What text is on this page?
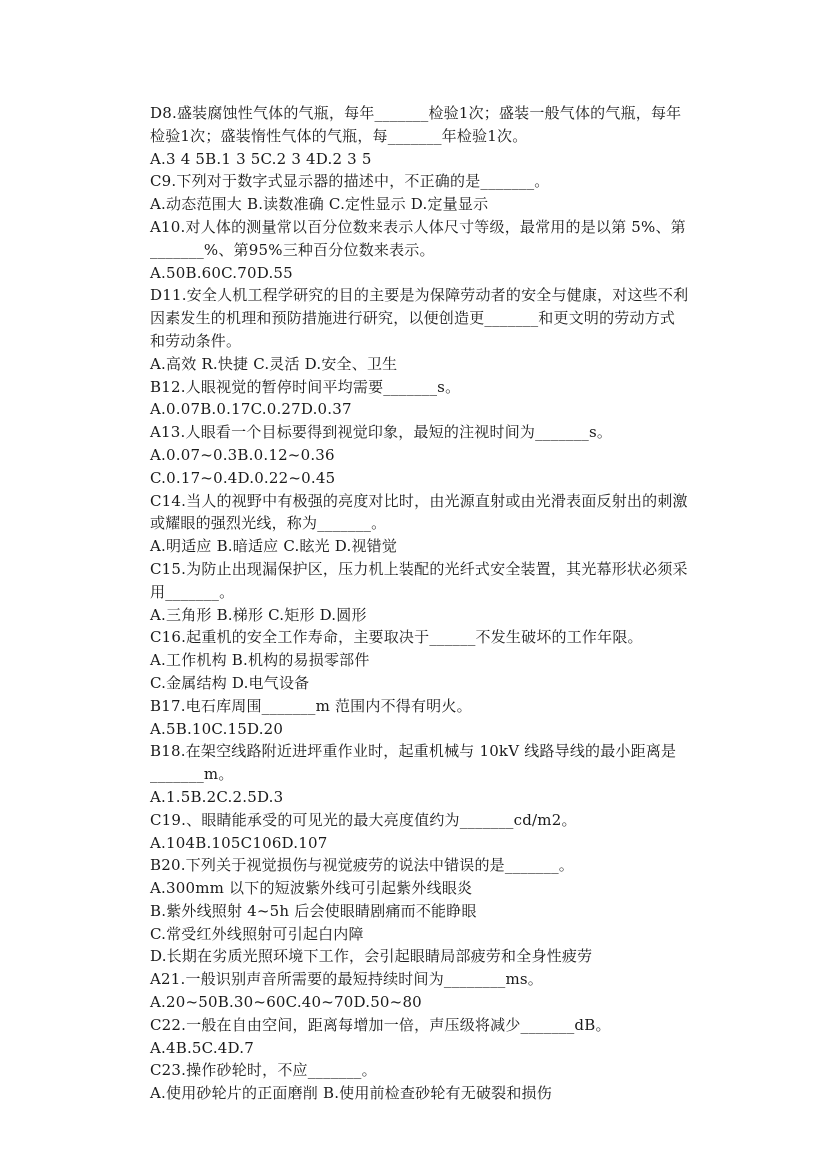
D8.盛装腐蚀性气体的气瓶，每年_______检验1次；盛装一般气体的气瓶，每年
检验1次；盛装惰性气体的气瓶，每_______年检验1次。
A.3 4 5B.1 3 5C.2 3 4D.2 3 5
C9.下列对于数字式显示器的描述中，不正确的是_______。
A.动态范围大 B.读数准确 C.定性显示 D.定量显示
A10.对人体的测量常以百分位数来表示人体尺寸等级，最常用的是以第 5%、第
_______%、第95%三种百分位数来表示。
A.50B.60C.70D.55
D11.安全人机工程学研究的目的主要是为保障劳动者的安全与健康，对这些不利
因素发生的机理和预防措施进行研究，以便创造更_______和更文明的劳动方式
和劳动条件。
A.高效 R.快捷 C.灵活 D.安全、卫生
B12.人眼视觉的暂停时间平均需要_______s。
A.0.07B.0.17C.0.27D.0.37
A13.人眼看一个目标要得到视觉印象，最短的注视时间为_______s。
A.0.07~0.3B.0.12~0.36
C.0.17~0.4D.0.22~0.45
C14.当人的视野中有极强的亮度对比时，由光源直射或由光滑表面反射出的刺激
或耀眼的强烈光线，称为_______。
A.明适应 B.暗适应 C.眩光 D.视错觉
C15.为防止出现漏保护区，压力机上装配的光纤式安全装置，其光幕形状必须采
用_______。
A.三角形 B.梯形 C.矩形 D.圆形
C16.起重机的安全工作寿命，主要取决于______不发生破坏的工作年限。
A.工作机构 B.机构的易损零部件
C.金属结构 D.电气设备
B17.电石库周围_______m 范围内不得有明火。
A.5B.10C.15D.20
B18.在架空线路附近进坪重作业时，起重机械与 10kV 线路导线的最小距离是
_______m。
A.1.5B.2C.2.5D.3
C19.、眼睛能承受的可见光的最大亮度值约为_______cd/m2。
A.104B.105C106D.107
B20.下列关于视觉损伤与视觉疲劳的说法中错误的是_______。
A.300mm 以下的短波紫外线可引起紫外线眼炎
B.紫外线照射 4~5h 后会使眼睛剧痛而不能睁眼
C.常受红外线照射可引起白内障
D.长期在劣质光照环境下工作，会引起眼睛局部疲劳和全身性疲劳
A21.一般识别声音所需要的最短持续时间为________ms。
A.20~50B.30~60C.40~70D.50~80
C22.一般在自由空间，距离每增加一倍，声压级将减少_______dB。
A.4B.5C.4D.7
C23.操作砂轮时，不应_______。
A.使用砂轮片的正面磨削 B.使用前检查砂轮有无破裂和损伤
